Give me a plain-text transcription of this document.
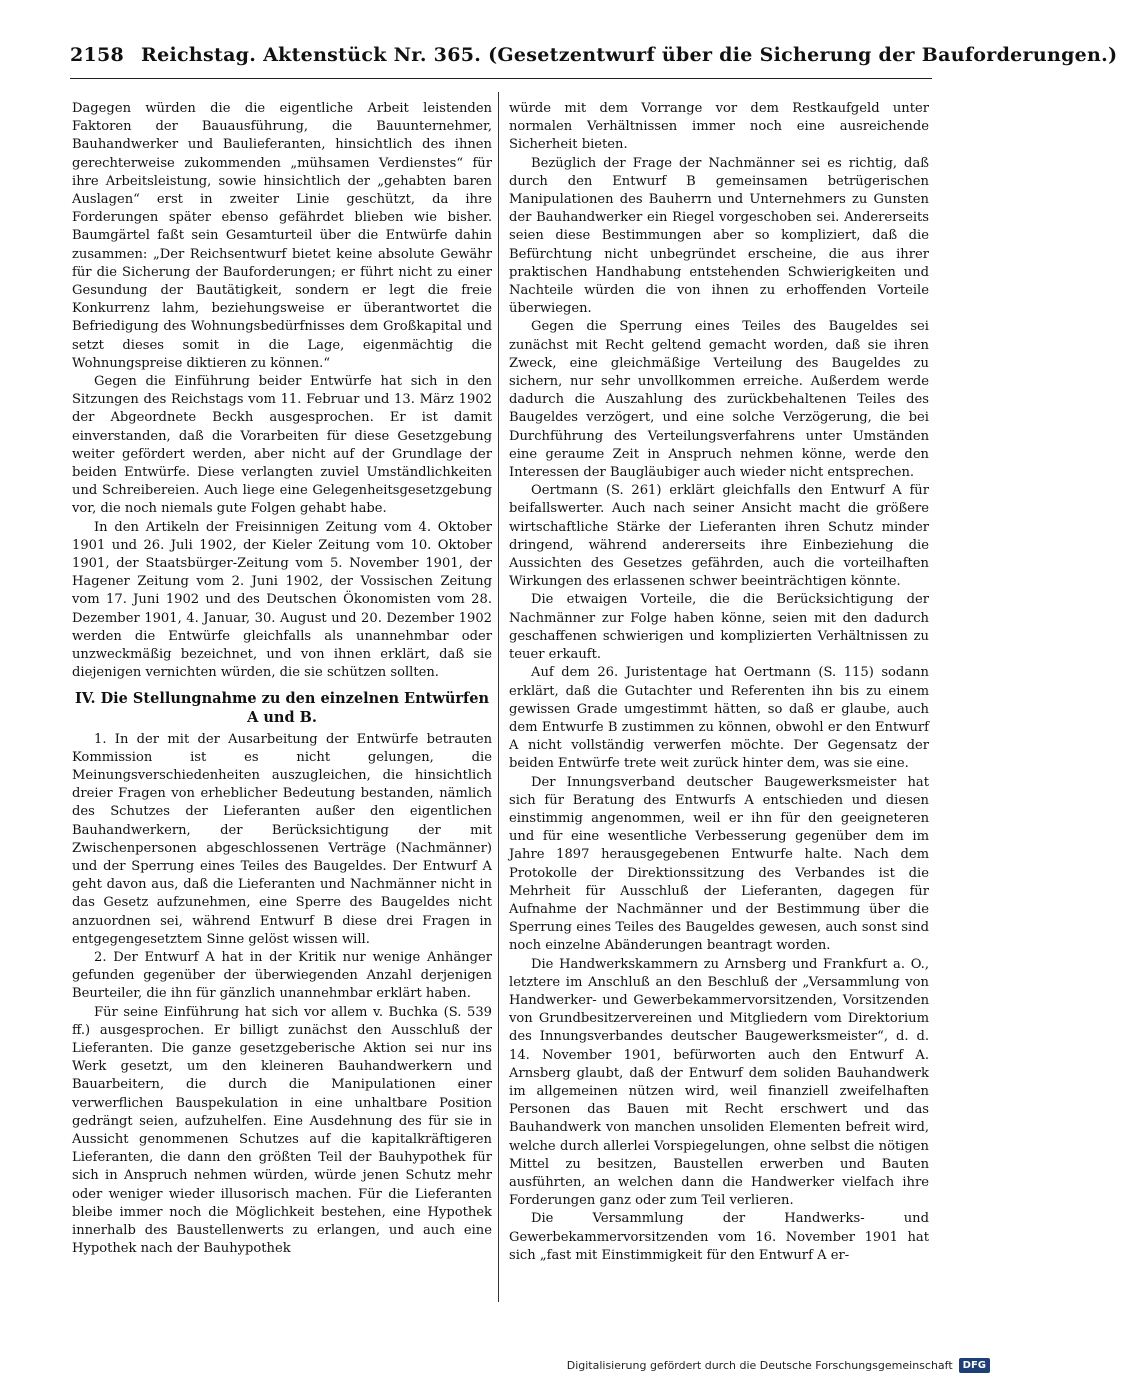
2158 Reichstag. Aktenstück Nr. 365. (Gesetzentwurf über die Sicherung der Bauforderungen.)

Dagegen würden die die eigentliche Arbeit leistenden Faktoren der Bauausführung, die Bauunternehmer, Bauhandwerker und Baulieferanten, hinsichtlich des ihnen gerechterweise zukommenden „mühsamen Verdienstes“ für ihre Arbeitsleistung, sowie hinsichtlich der „gehabten baren Auslagen“ erst in zweiter Linie geschützt, da ihre Forderungen später ebenso gefährdet blieben wie bisher. Baumgärtel faßt sein Gesamturteil über die Entwürfe dahin zusammen: „Der Reichsentwurf bietet keine absolute Gewähr für die Sicherung der Bauforderungen; er führt nicht zu einer Gesundung der Bautätigkeit, sondern er legt die freie Konkurrenz lahm, beziehungsweise er überantwortet die Befriedigung des Wohnungsbedürfnisses dem Großkapital und setzt dieses somit in die Lage, eigenmächtig die Wohnungspreise diktieren zu können.“

Gegen die Einführung beider Entwürfe hat sich in den Sitzungen des Reichstags vom 11. Februar und 13. März 1902 der Abgeordnete Beckh ausgesprochen. Er ist damit einverstanden, daß die Vorarbeiten für diese Gesetzgebung weiter gefördert werden, aber nicht auf der Grundlage der beiden Entwürfe. Diese verlangten zuviel Umständlichkeiten und Schreibereien. Auch liege eine Gelegenheitsgesetzgebung vor, die noch niemals gute Folgen gehabt habe.

In den Artikeln der Freisinnigen Zeitung vom 4. Oktober 1901 und 26. Juli 1902, der Kieler Zeitung vom 10. Oktober 1901, der Staatsbürger-Zeitung vom 5. November 1901, der Hagener Zeitung vom 2. Juni 1902, der Vossischen Zeitung vom 17. Juni 1902 und des Deutschen Ökonomisten vom 28. Dezember 1901, 4. Januar, 30. August und 20. Dezember 1902 werden die Entwürfe gleichfalls als unannehmbar oder unzweckmäßig bezeichnet, und von ihnen erklärt, daß sie diejenigen vernichten würden, die sie schützen sollten.

IV. Die Stellungnahme zu den einzelnen Entwürfen A und B.

1. In der mit der Ausarbeitung der Entwürfe betrauten Kommission ist es nicht gelungen, die Meinungsverschiedenheiten auszugleichen, die hinsichtlich dreier Fragen von erheblicher Bedeutung bestanden, nämlich des Schutzes der Lieferanten außer den eigentlichen Bauhandwerkern, der Berücksichtigung der mit Zwischenpersonen abgeschlossenen Verträge (Nachmänner) und der Sperrung eines Teiles des Baugeldes. Der Entwurf A geht davon aus, daß die Lieferanten und Nachmänner nicht in das Gesetz aufzunehmen, eine Sperre des Baugeldes nicht anzuordnen sei, während Entwurf B diese drei Fragen in entgegengesetztem Sinne gelöst wissen will.

2. Der Entwurf A hat in der Kritik nur wenige Anhänger gefunden gegenüber der überwiegenden Anzahl derjenigen Beurteiler, die ihn für gänzlich unannehmbar erklärt haben.

Für seine Einführung hat sich vor allem v. Buchka (S. 539 ff.) ausgesprochen. Er billigt zunächst den Ausschluß der Lieferanten. Die ganze gesetzgeberische Aktion sei nur ins Werk gesetzt, um den kleineren Bauhandwerkern und Bauarbeitern, die durch die Manipulationen einer verwerflichen Bauspekulation in eine unhaltbare Position gedrängt seien, aufzuhelfen. Eine Ausdehnung des für sie in Aussicht genommenen Schutzes auf die kapitalkräftigeren Lieferanten, die dann den größten Teil der Bauhypothek für sich in Anspruch nehmen würden, würde jenen Schutz mehr oder weniger wieder illusorisch machen. Für die Lieferanten bleibe immer noch die Möglichkeit bestehen, eine Hypothek innerhalb des Baustellenwerts zu erlangen, und auch eine Hypothek nach der Bauhypothek

würde mit dem Vorrange vor dem Restkaufgeld unter normalen Verhältnissen immer noch eine ausreichende Sicherheit bieten.

Bezüglich der Frage der Nachmänner sei es richtig, daß durch den Entwurf B gemeinsamen betrügerischen Manipulationen des Bauherrn und Unternehmers zu Gunsten der Bauhandwerker ein Riegel vorgeschoben sei. Andererseits seien diese Bestimmungen aber so kompliziert, daß die Befürchtung nicht unbegründet erscheine, die aus ihrer praktischen Handhabung entstehenden Schwierigkeiten und Nachteile würden die von ihnen zu erhoffenden Vorteile überwiegen.

Gegen die Sperrung eines Teiles des Baugeldes sei zunächst mit Recht geltend gemacht worden, daß sie ihren Zweck, eine gleichmäßige Verteilung des Baugeldes zu sichern, nur sehr unvollkommen erreiche. Außerdem werde dadurch die Auszahlung des zurückbehaltenen Teiles des Baugeldes verzögert, und eine solche Verzögerung, die bei Durchführung des Verteilungsverfahrens unter Umständen eine geraume Zeit in Anspruch nehmen könne, werde den Interessen der Baugläubiger auch wieder nicht entsprechen.

Oertmann (S. 261) erklärt gleichfalls den Entwurf A für beifallswerter. Auch nach seiner Ansicht macht die größere wirtschaftliche Stärke der Lieferanten ihren Schutz minder dringend, während andererseits ihre Einbeziehung die Aussichten des Gesetzes gefährden, auch die vorteilhaften Wirkungen des erlassenen schwer beeinträchtigen könnte.

Die etwaigen Vorteile, die die Berücksichtigung der Nachmänner zur Folge haben könne, seien mit den dadurch geschaffenen schwierigen und komplizierten Verhältnissen zu teuer erkauft.

Auf dem 26. Juristentage hat Oertmann (S. 115) sodann erklärt, daß die Gutachter und Referenten ihn bis zu einem gewissen Grade umgestimmt hätten, so daß er glaube, auch dem Entwurfe B zustimmen zu können, obwohl er den Entwurf A nicht vollständig verwerfen möchte. Der Gegensatz der beiden Entwürfe trete weit zurück hinter dem, was sie eine.

Der Innungsverband deutscher Baugewerksmeister hat sich für Beratung des Entwurfs A entschieden und diesen einstimmig angenommen, weil er ihn für den geeigneteren und für eine wesentliche Verbesserung gegenüber dem im Jahre 1897 herausgegebenen Entwurfe halte. Nach dem Protokolle der Direktionssitzung des Verbandes ist die Mehrheit für Ausschluß der Lieferanten, dagegen für Aufnahme der Nachmänner und der Bestimmung über die Sperrung eines Teiles des Baugeldes gewesen, auch sonst sind noch einzelne Abänderungen beantragt worden.

Die Handwerkskammern zu Arnsberg und Frankfurt a. O., letztere im Anschluß an den Beschluß der „Versammlung von Handwerker- und Gewerbekammervorsitzenden, Vorsitzenden von Grundbesitzervereinen und Mitgliedern vom Direktorium des Innungsverbandes deutscher Baugewerksmeister“, d. d. 14. November 1901, befürworten auch den Entwurf A. Arnsberg glaubt, daß der Entwurf dem soliden Bauhandwerk im allgemeinen nützen wird, weil finanziell zweifelhaften Personen das Bauen mit Recht erschwert und das Bauhandwerk von manchen unsoliden Elementen befreit wird, welche durch allerlei Vorspiegelungen, ohne selbst die nötigen Mittel zu besitzen, Baustellen erwerben und Bauten ausführten, an welchen dann die Handwerker vielfach ihre Forderungen ganz oder zum Teil verlieren.

Die Versammlung der Handwerks- und Gewerbekammervorsitzenden vom 16. November 1901 hat sich „fast mit Einstimmigkeit für den Entwurf A er-

Digitalisierung gefördert durch die Deutsche Forschungsgemeinschaft	DFG
